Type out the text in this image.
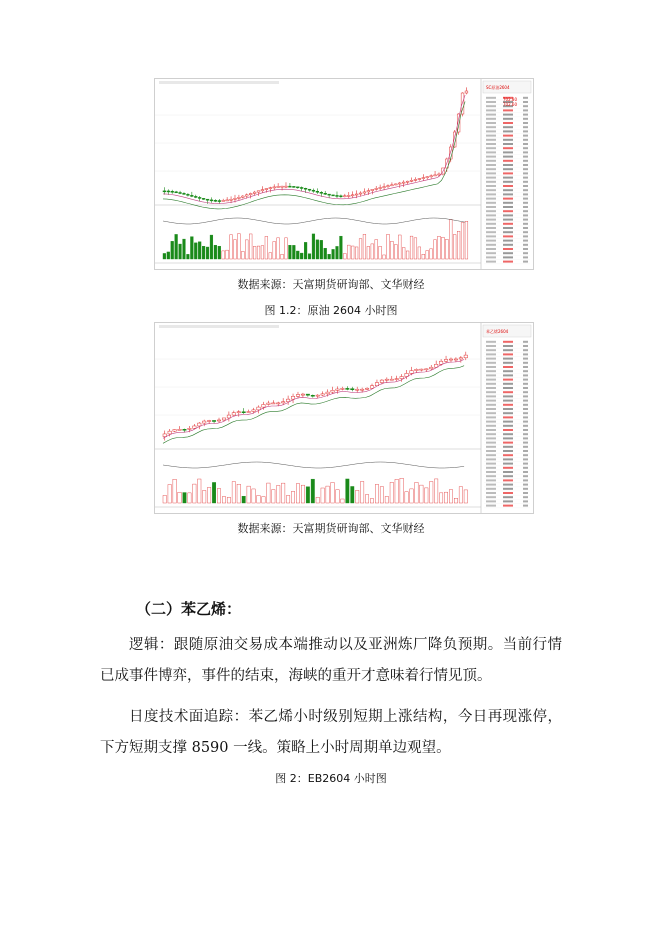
SC原油2604
702.80
702.60
数据来源：天富期货研询部、文华财经
图 1.2：原油 2604 小时图
苯乙烯2604
数据来源：天富期货研询部、文华财经
（二）苯乙烯：
逻辑：跟随原油交易成本端推动以及亚洲炼厂降负预期。当前行情已成事件博弈，事件的结束，海峡的重开才意味着行情见顶。
日度技术面追踪：苯乙烯小时级别短期上涨结构，今日再现涨停，下方短期支撑 8590 一线。策略上小时周期单边观望。
图 2：EB2604 小时图
